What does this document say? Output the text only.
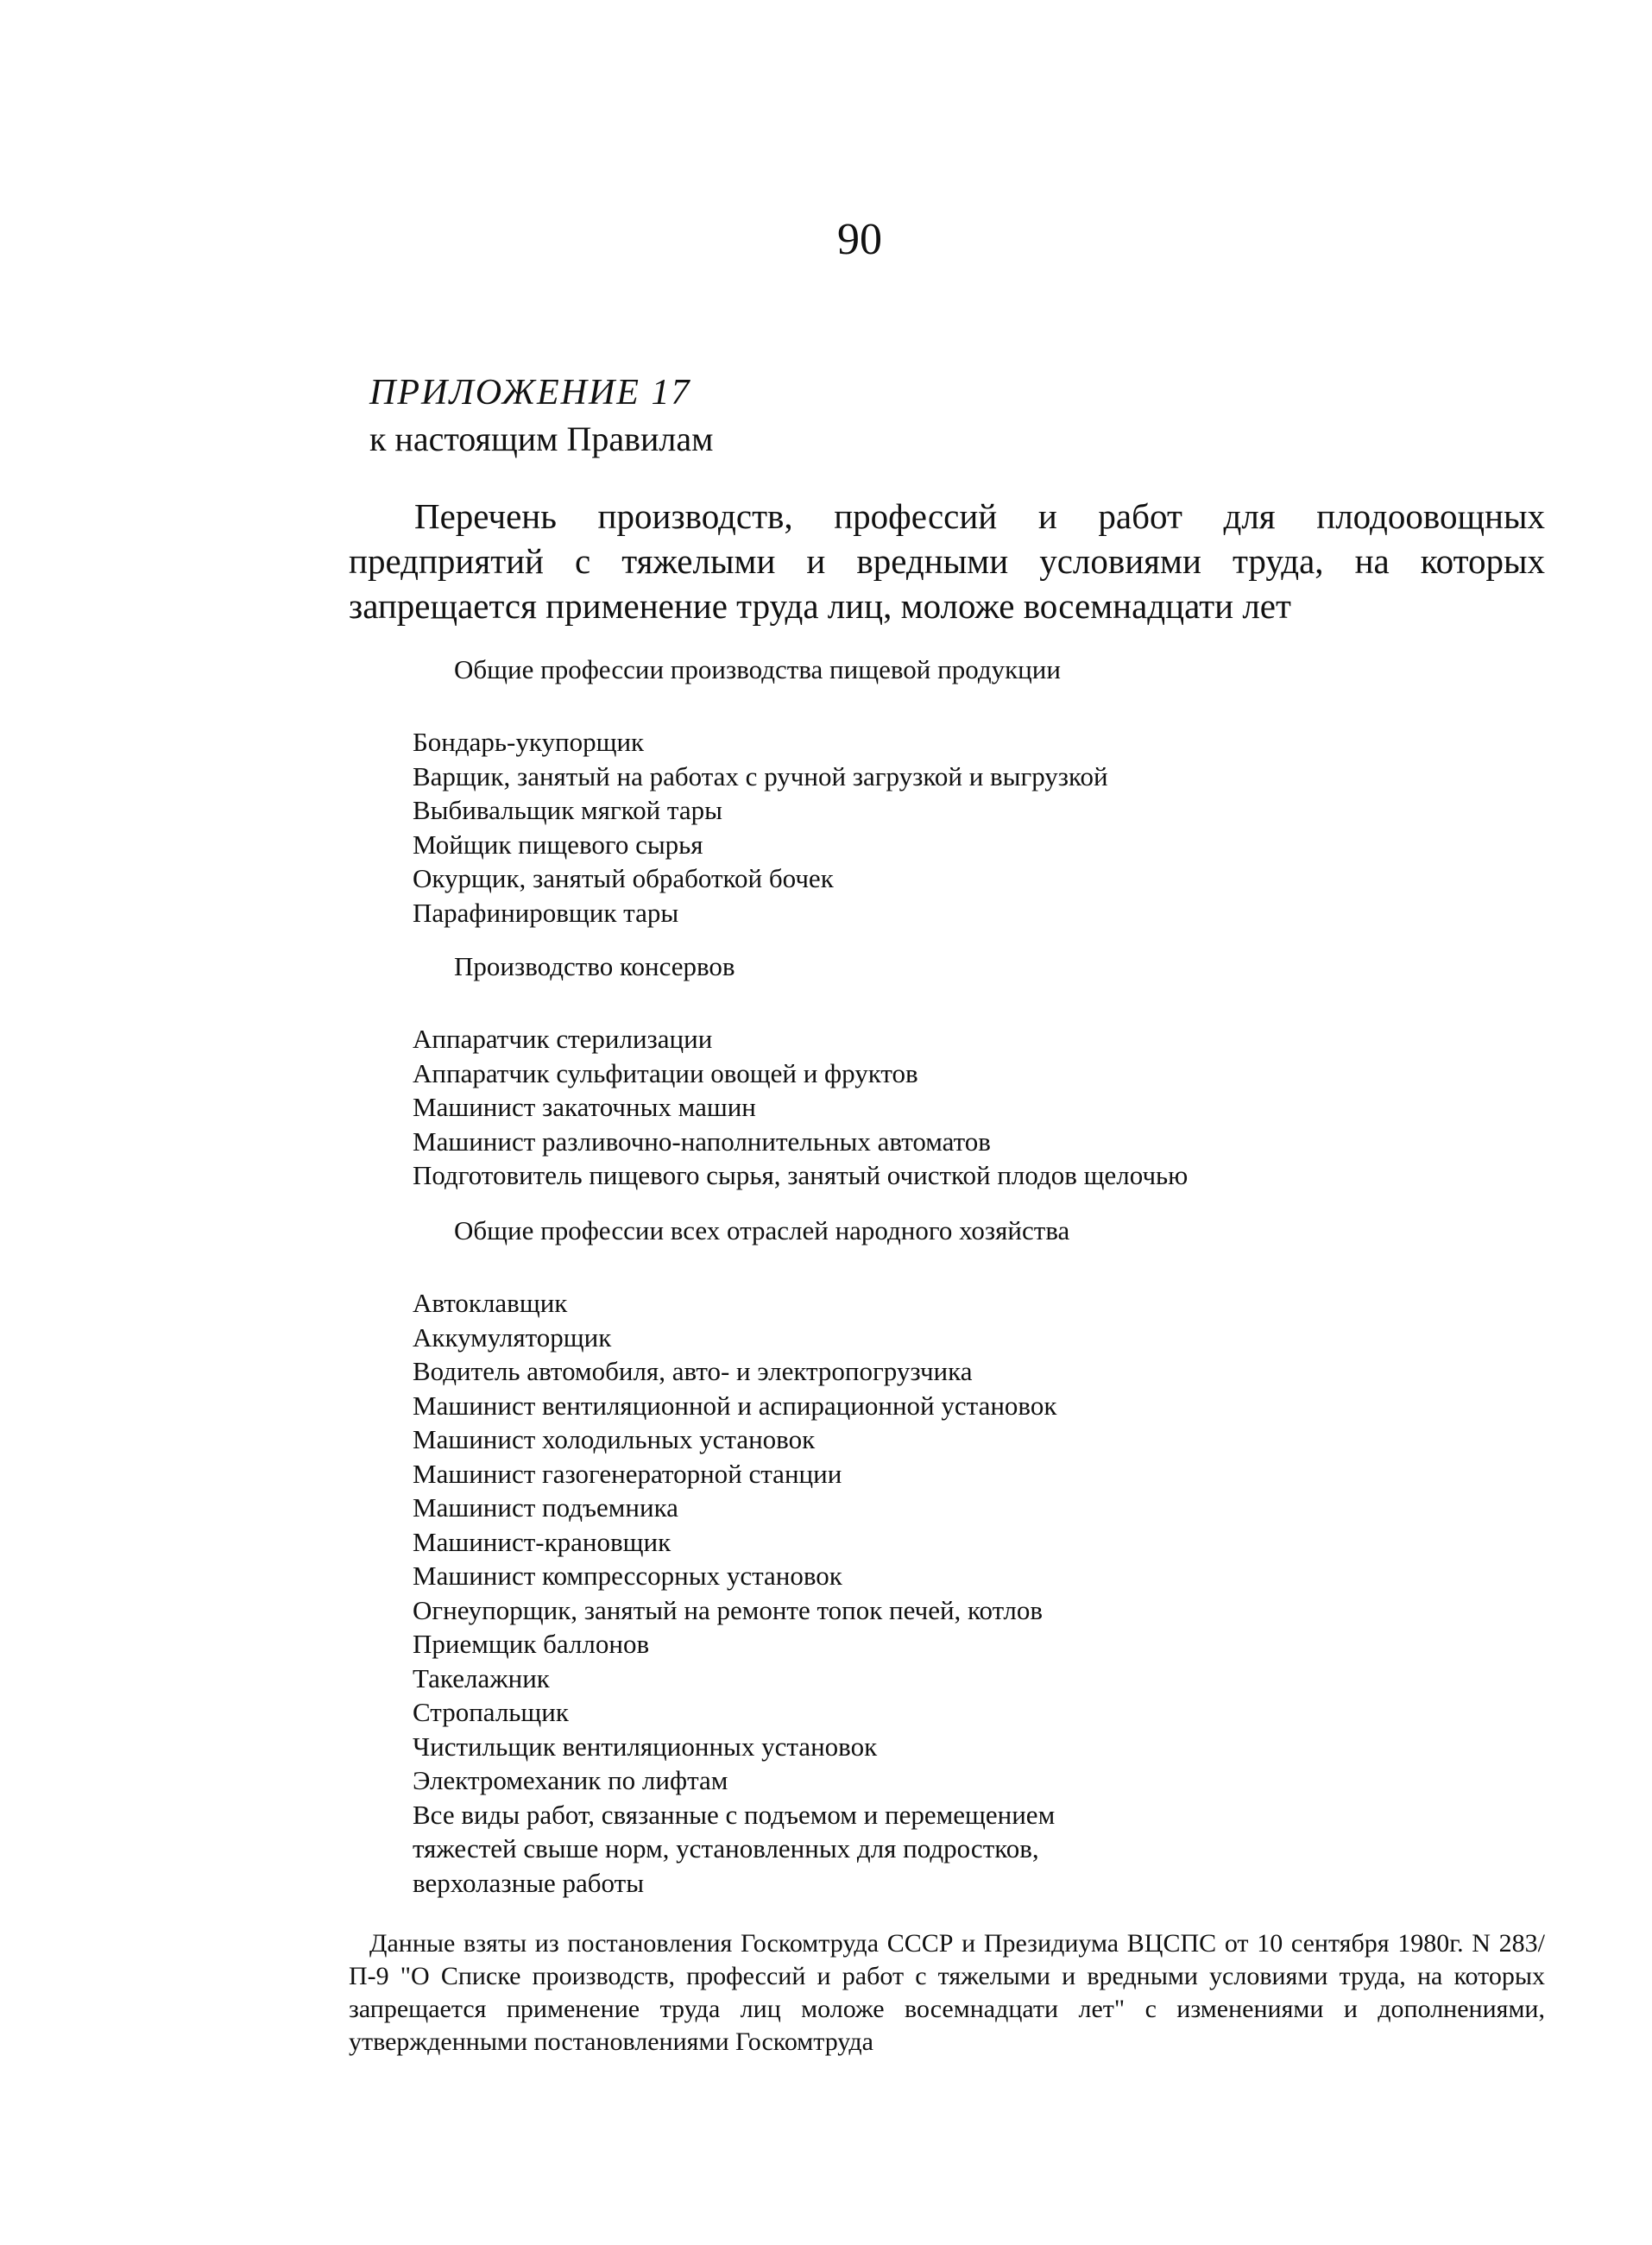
90
ПРИЛОЖЕНИЕ 17
к настоящим Правилам
Перечень производств, профессий и работ для плодоовощных предприятий с тяжелыми и вредными условиями труда, на которых запрещается применение труда лиц, моложе восемнадцати лет
Общие профессии производства пищевой продукции
Бондарь-укупорщик
Варщик, занятый на работах с ручной загрузкой и выгрузкой
Выбивальщик мягкой тары
Мойщик пищевого сырья
Окурщик, занятый обработкой бочек
Парафинировщик тары
Производство консервов
Аппаратчик стерилизации
Аппаратчик сульфитации овощей и фруктов
Машинист закаточных машин
Машинист разливочно-наполнительных автоматов
Подготовитель пищевого сырья, занятый очисткой плодов щелочью
Общие профессии всех отраслей народного хозяйства
Автоклавщик
Аккумуляторщик
Водитель автомобиля, авто- и электропогрузчика
Машинист вентиляционной и аспирационной установок
Машинист холодильных установок
Машинист газогенераторной станции
Машинист подъемника
Машинист-крановщик
Машинист компрессорных установок
Огнеупорщик, занятый на ремонте топок печей, котлов
Приемщик баллонов
Такелажник
Стропальщик
Чистильщик вентиляционных установок
Электромеханик по лифтам
Все виды работ, связанные с подъемом и перемещением
тяжестей свыше норм, установленных для подростков,
верхолазные работы
Данные взяты из постановления Госкомтруда СССР и Президиума ВЦСПС от 10 сентября 1980г. N 283/П-9 "О Списке производств, профессий и работ с тяжелыми и вредными условиями труда, на которых запрещается применение труда лиц моложе восемнадцати лет" с изменениями и дополнениями, утвержденными постановлениями Госкомтруда
